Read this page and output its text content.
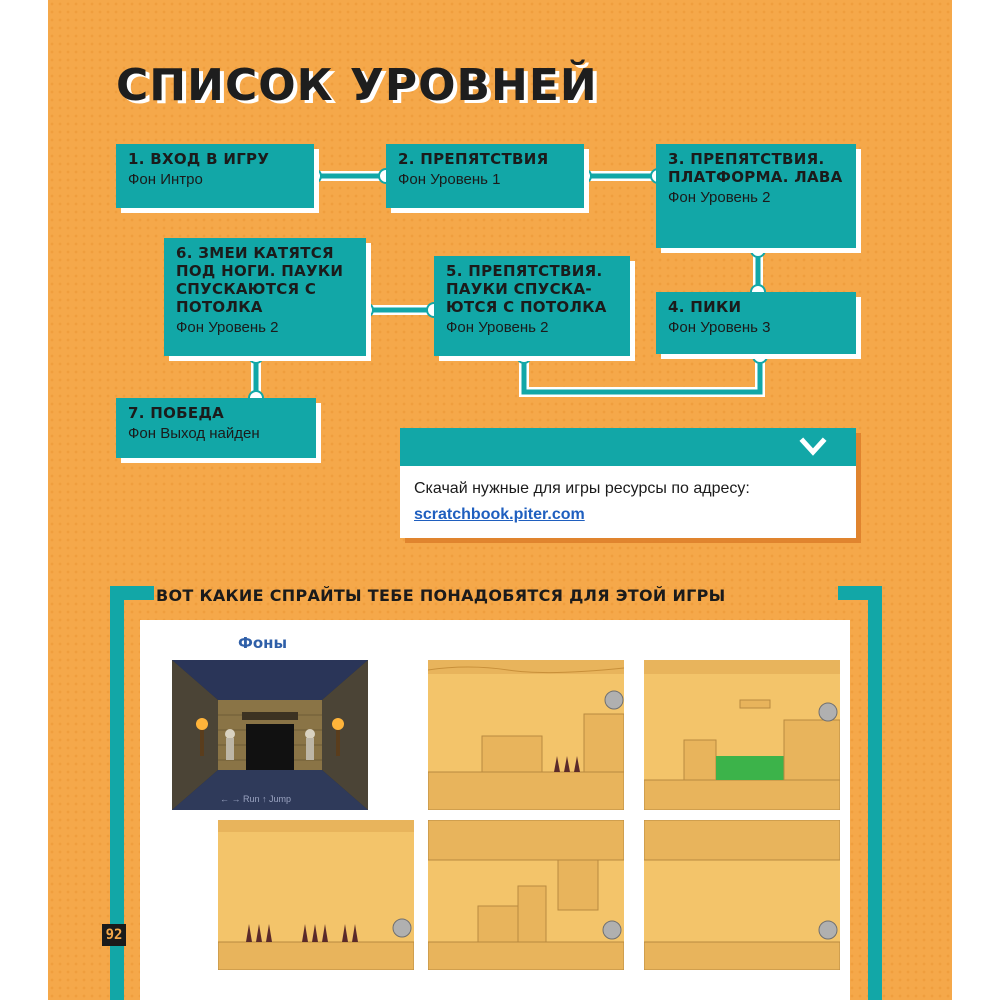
СПИСОК УРОВНЕЙ
1. ВХОД В ИГРУ
Фон Интро
2. ПРЕПЯТСТВИЯ
Фон Уровень 1
3. ПРЕПЯТСТВИЯ. ПЛАТФОРМА. ЛАВА
Фон Уровень 2
4. ПИКИ
Фон Уровень 3
5. ПРЕПЯТСТВИЯ. ПАУКИ СПУСКА-ЮТСЯ С ПОТОЛКА
Фон Уровень 2
6. ЗМЕИ КАТЯТСЯ ПОД НОГИ. ПАУКИ СПУСКАЮТСЯ С ПОТОЛКА
Фон Уровень 2
7. ПОБЕДА
Фон Выход найден
Скачай нужные для игры ресурсы по адресу:
scratchbook.piter.com
ВОТ КАКИЕ СПРАЙТЫ ТЕБЕ ПОНАДОБЯТСЯ ДЛЯ ЭТОЙ ИГРЫ
Фоны
← → Run ↑ Jump
92
